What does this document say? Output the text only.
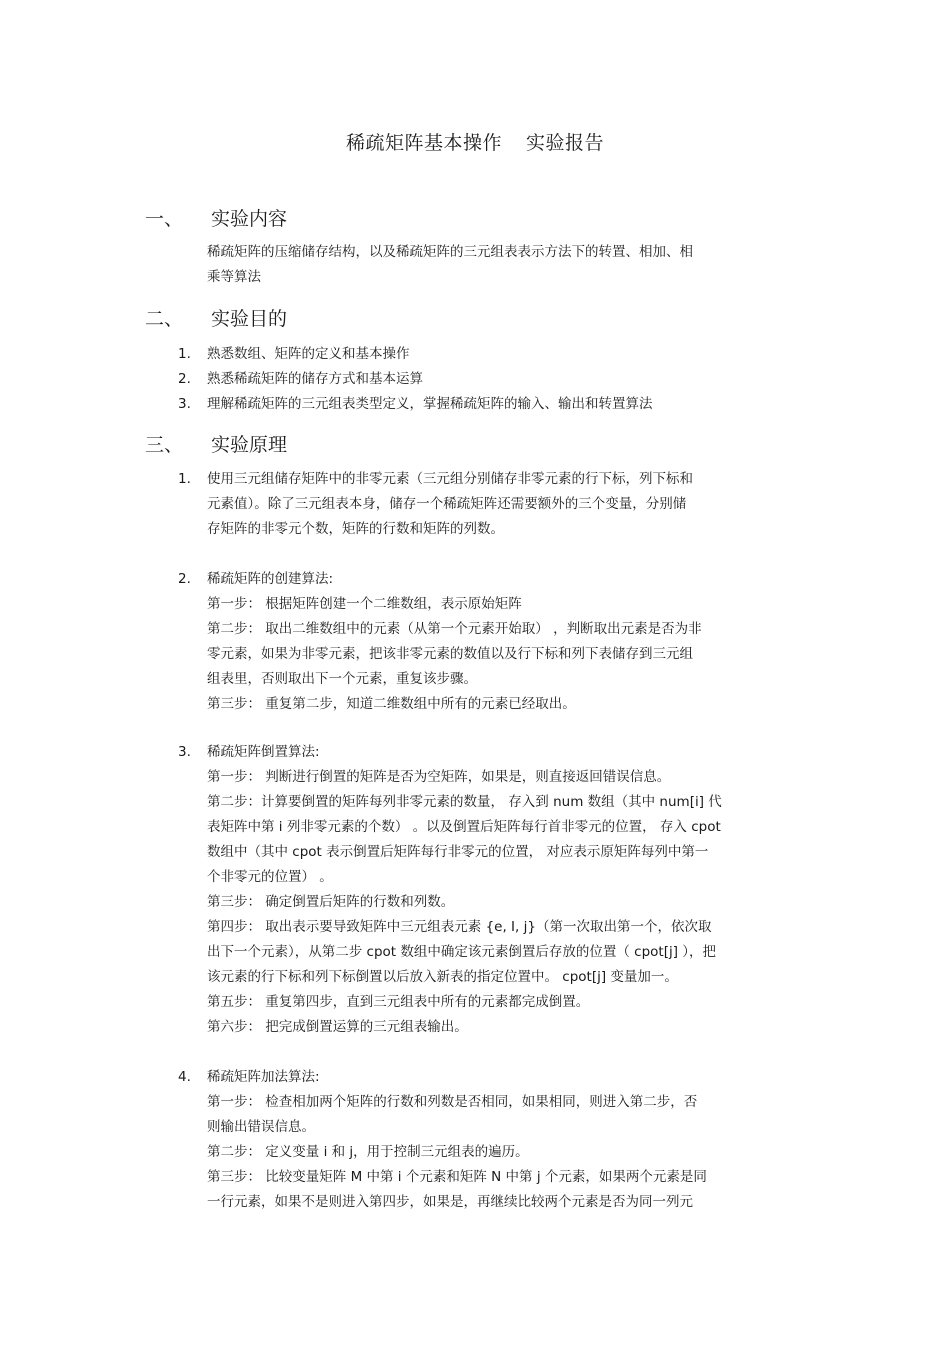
稀疏矩阵基本操作 实验报告
一、 实验内容
稀疏矩阵的压缩储存结构，以及稀疏矩阵的三元组表表示方法下的转置、相加、相
乘等算法
二、 实验目的
1.	熟悉数组、矩阵的定义和基本操作
2.	熟悉稀疏矩阵的储存方式和基本运算
3.	理解稀疏矩阵的三元组表类型定义，掌握稀疏矩阵的输入、输出和转置算法
三、 实验原理
1.	使用三元组储存矩阵中的非零元素（三元组分别储存非零元素的行下标，列下标和
元素值）。除了三元组表本身，储存一个稀疏矩阵还需要额外的三个变量，分别储
存矩阵的非零元个数，矩阵的行数和矩阵的列数。
2.	稀疏矩阵的创建算法:
第一步： 根据矩阵创建一个二维数组，表示原始矩阵
第二步： 取出二维数组中的元素（从第一个元素开始取） ，判断取出元素是否为非
零元素，如果为非零元素，把该非零元素的数值以及行下标和列下表储存到三元组
组表里，否则取出下一个元素，重复该步骤。
第三步： 重复第二步，知道二维数组中所有的元素已经取出。
3.	稀疏矩阵倒置算法:
第一步： 判断进行倒置的矩阵是否为空矩阵，如果是，则直接返回错误信息。
第二步：计算要倒置的矩阵每列非零元素的数量， 存入到 num 数组（其中 num[i] 代
表矩阵中第 i 列非零元素的个数） 。以及倒置后矩阵每行首非零元的位置， 存入 cpot
数组中（其中 cpot 表示倒置后矩阵每行非零元的位置， 对应表示原矩阵每列中第一
个非零元的位置） 。
第三步： 确定倒置后矩阵的行数和列数。
第四步： 取出表示要导致矩阵中三元组表元素 {e, I, j}（第一次取出第一个，依次取
出下一个元素），从第二步 cpot 数组中确定该元素倒置后存放的位置（ cpot[j] ），把
该元素的行下标和列下标倒置以后放入新表的指定位置中。 cpot[j] 变量加一。
第五步： 重复第四步，直到三元组表中所有的元素都完成倒置。
第六步： 把完成倒置运算的三元组表输出。
4.	稀疏矩阵加法算法:
第一步： 检查相加两个矩阵的行数和列数是否相同，如果相同，则进入第二步，否
则输出错误信息。
第二步： 定义变量 i 和 j，用于控制三元组表的遍历。
第三步： 比较变量矩阵 M 中第 i 个元素和矩阵 N 中第 j 个元素，如果两个元素是同
一行元素，如果不是则进入第四步，如果是，再继续比较两个元素是否为同一列元
